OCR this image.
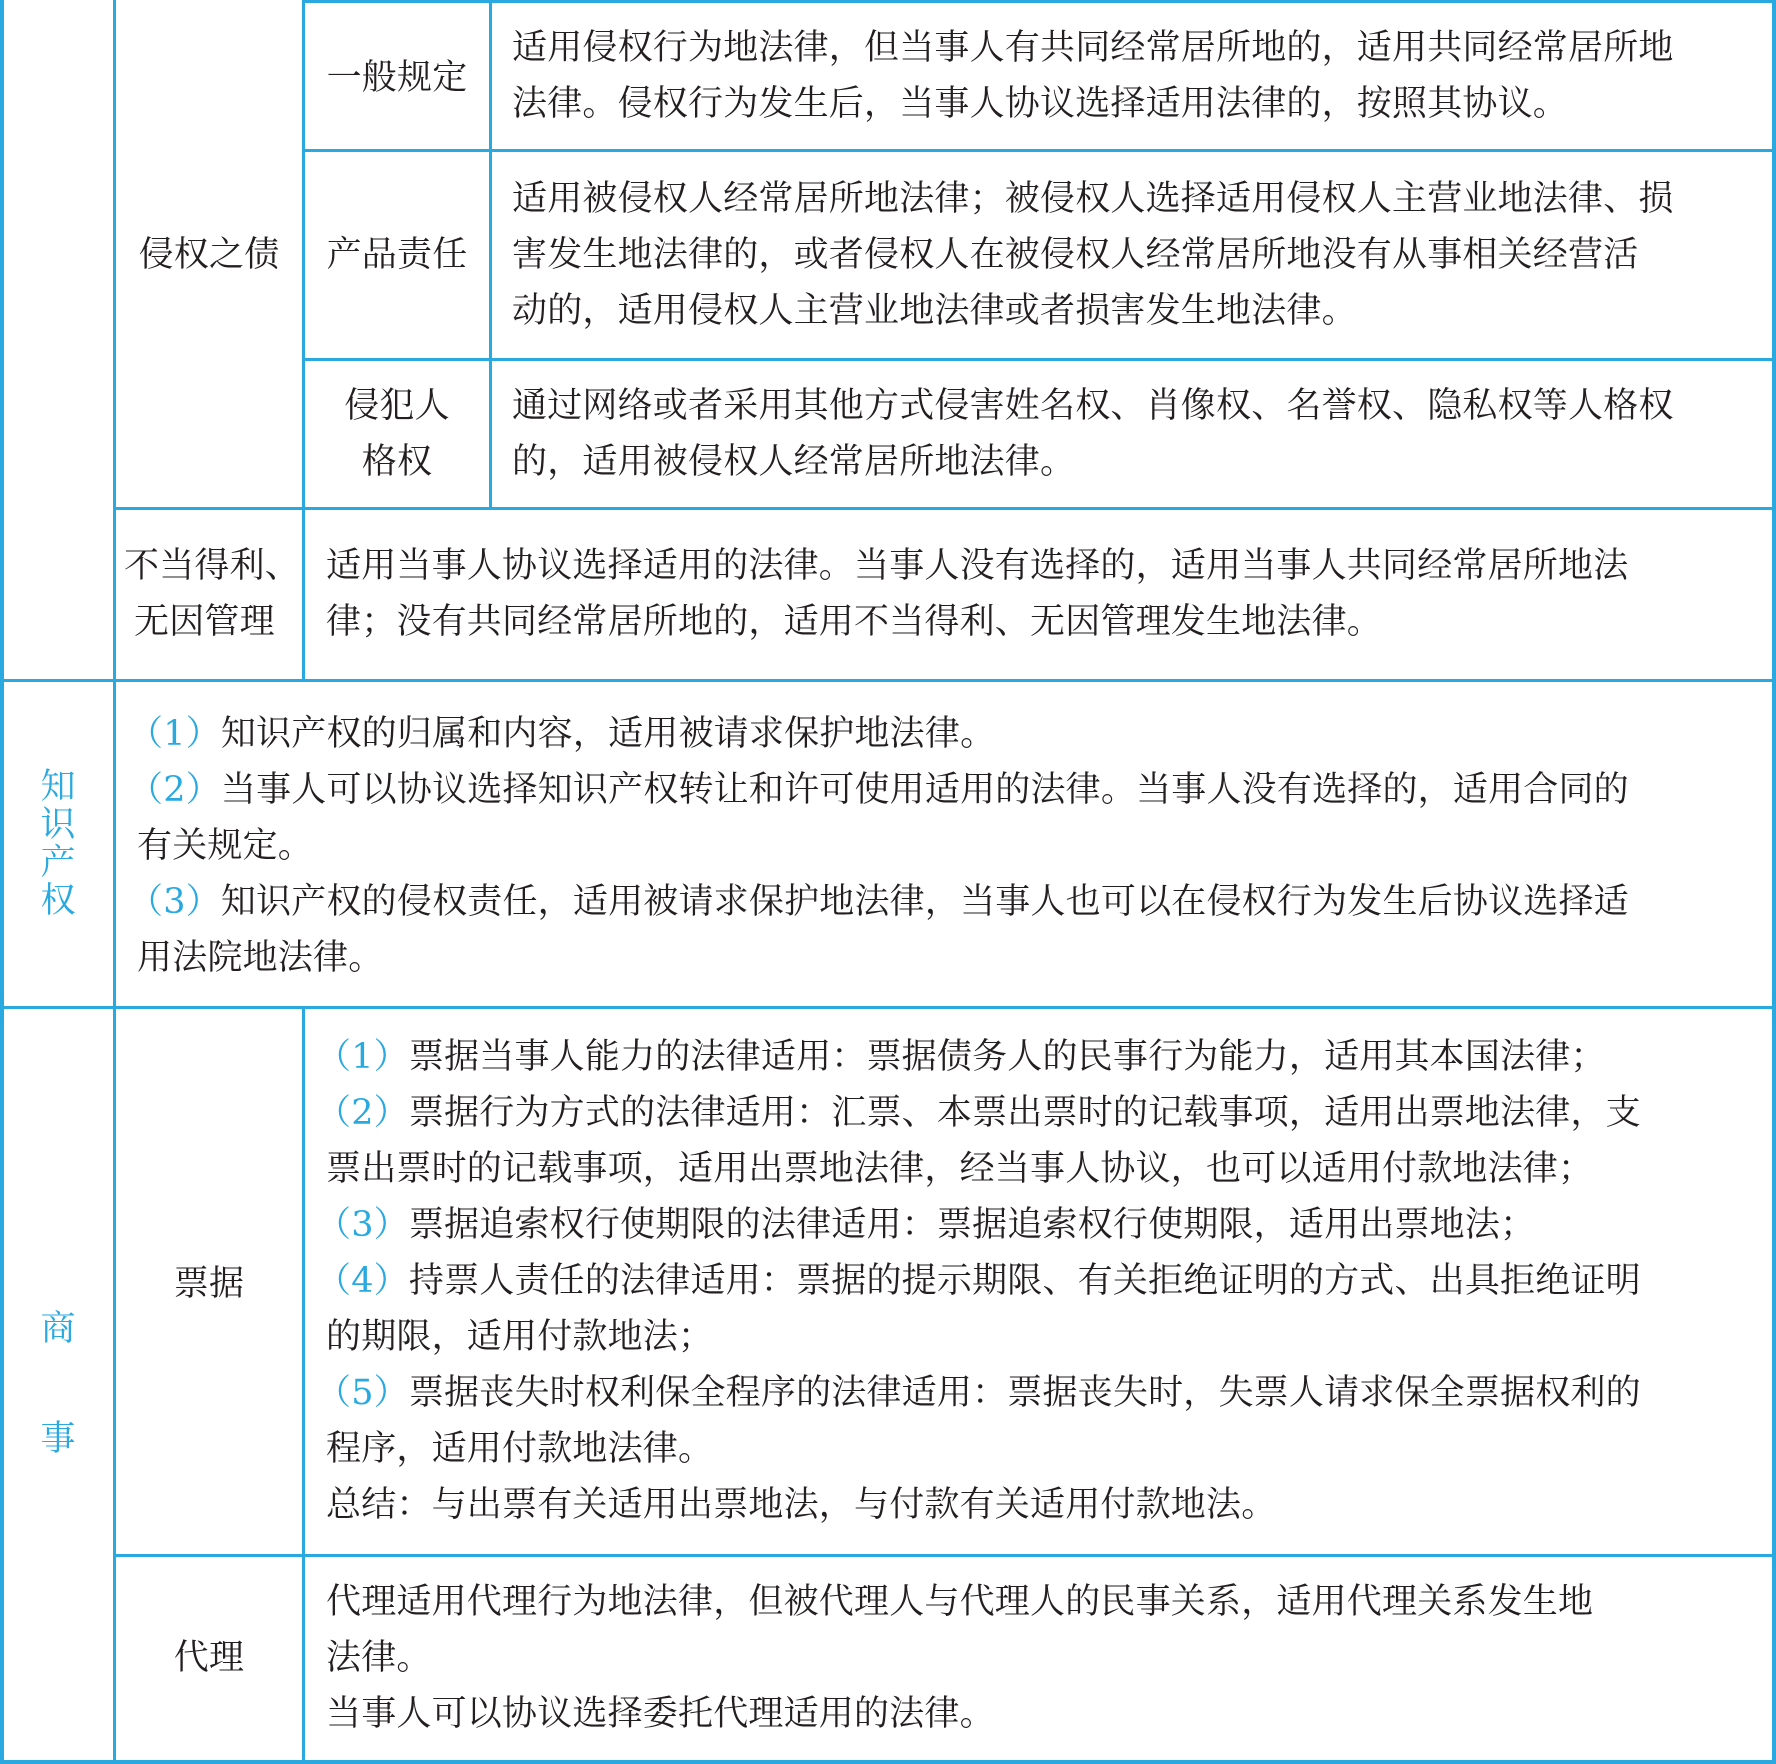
侵权之债
一般规定
适用侵权行为地法律，但当事人有共同经常居所地的，适用共同经常居所地
法律。侵权行为发生后，当事人协议选择适用法律的，按照其协议。
产品责任
适用被侵权人经常居所地法律；被侵权人选择适用侵权人主营业地法律、损
害发生地法律的，或者侵权人在被侵权人经常居所地没有从事相关经营活
动的，适用侵权人主营业地法律或者损害发生地法律。
侵犯人
格权
通过网络或者采用其他方式侵害姓名权、肖像权、名誉权、隐私权等人格权
的，适用被侵权人经常居所地法律。
不当得利、
无因管理
适用当事人协议选择适用的法律。当事人没有选择的，适用当事人共同经常居所地法
律；没有共同经常居所地的，适用不当得利、无因管理发生地法律。
知
识
产
权
（1）知识产权的归属和内容，适用被请求保护地法律。
（2）当事人可以协议选择知识产权转让和许可使用适用的法律。当事人没有选择的，适用合同的
有关规定。
（3）知识产权的侵权责任，适用被请求保护地法律，当事人也可以在侵权行为发生后协议选择适
用法院地法律。
商
事
票据
（1）票据当事人能力的法律适用：票据债务人的民事行为能力，适用其本国法律；
（2）票据行为方式的法律适用：汇票、本票出票时的记载事项，适用出票地法律，支
票出票时的记载事项，适用出票地法律，经当事人协议，也可以适用付款地法律；
（3）票据追索权行使期限的法律适用：票据追索权行使期限，适用出票地法；
（4）持票人责任的法律适用：票据的提示期限、有关拒绝证明的方式、出具拒绝证明
的期限，适用付款地法；
（5）票据丧失时权利保全程序的法律适用：票据丧失时，失票人请求保全票据权利的
程序，适用付款地法律。
总结：与出票有关适用出票地法，与付款有关适用付款地法。
代理
代理适用代理行为地法律，但被代理人与代理人的民事关系，适用代理关系发生地
法律。
当事人可以协议选择委托代理适用的法律。
